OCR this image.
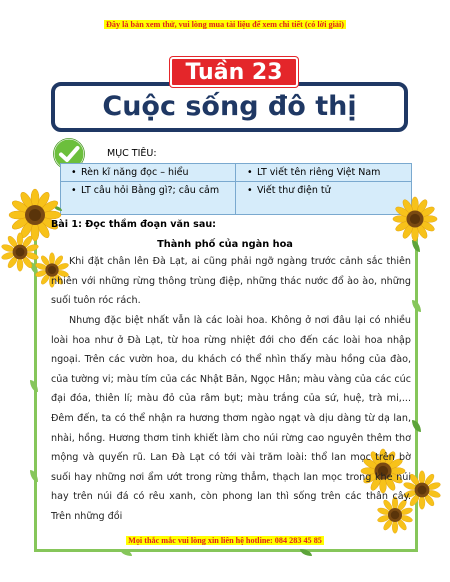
Đây là bản xem thử, vui lòng mua tài liệu để xem chi tiết (có lời giải)
Cuộc sống đô thị
Tuần 23
MỤC TIÊU:
• Rèn kĩ năng đọc – hiểu	• LT viết tên riêng Việt Nam
• LT câu hỏi Bằng gì?; câu cảm	• Viết thư điện tử
Bài 1: Đọc thầm đoạn văn sau:
Thành phố của ngàn hoa

Khi đặt chân lên Đà Lạt, ai cũng phải ngỡ ngàng trước cảnh sắc thiên nhiên với những rừng thông trùng điệp, những thác nước đổ ào ào, những suối tuôn róc rách.

Nhưng đặc biệt nhất vẫn là các loài hoa. Không ở nơi đâu lại có nhiều loài hoa như ở Đà Lạt, từ hoa rừng nhiệt đới cho đến các loài hoa nhập ngoại. Trên các vườn hoa, du khách có thể nhìn thấy màu hồng của đào, của tường vi; màu tím của các Nhật Bản, Ngọc Hân; màu vàng của các cúc đại đóa, thiên lí; màu đỏ của râm bụt; màu trắng của sứ, huệ, trà mi,... Đêm đến, ta có thể nhận ra hương thơm ngào ngạt và dịu dàng từ dạ lan, nhài, hồng. Hương thơm tinh khiết làm cho núi rừng cao nguyên thêm thơ mộng và quyến rũ. Lan Đà Lạt có tới vài trăm loài: thổ lan mọc trên bờ suối hay những nơi ẩm ướt trong rừng thẳm, thạch lan mọc trong khe núi hay trên núi đá có rêu xanh, còn phong lan thì sống trên các thân cây. Trên những đồi

Mọi thắc mắc vui lòng xin liên hệ hotline: 084 283 45 85
